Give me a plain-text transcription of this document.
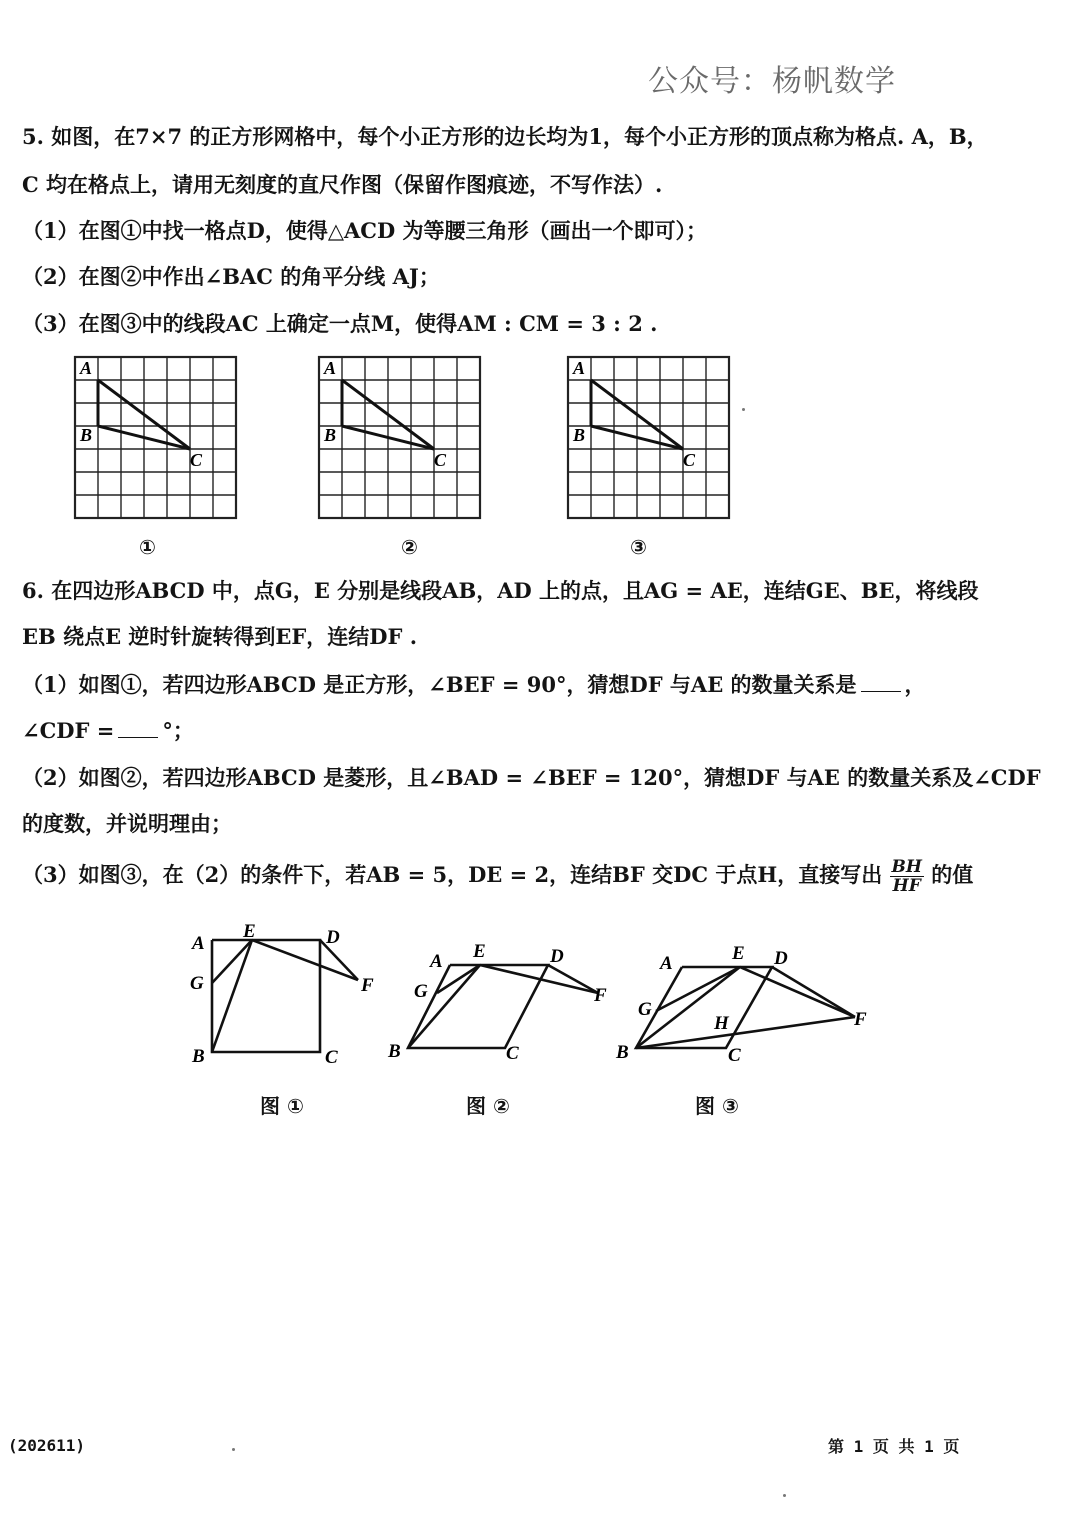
公众号：杨帆数学
5. 如图，在7×7 的正方形网格中，每个小正方形的边长均为1，每个小正方形的顶点称为格点. A，B，
C 均在格点上，请用无刻度的直尺作图（保留作图痕迹，不写作法）.
（1）在图①中找一格点D，使得△ACD 为等腰三角形（画出一个即可）；
（2）在图②中作出∠BAC 的角平分线 AJ；
（3）在图③中的线段AC 上确定一点M，使得AM : CM = 3 : 2 .
A
B
C
A
B
C
A
B
C
①	②	③
6. 在四边形ABCD 中，点G，E 分别是线段AB，AD 上的点，且AG = AE，连结GE、BE，将线段
EB 绕点E 逆时针旋转得到EF，连结DF .
（1）如图①，若四边形ABCD 是正方形，∠BEF = 90°，猜想DF 与AE 的数量关系是 ，
∠CDF = °；
（2）如图②，若四边形ABCD 是菱形，且∠BAD = ∠BEF = 120°，猜想DF 与AE 的数量关系及∠CDF
的度数，并说明理由；
（3）如图③，在（2）的条件下，若AB = 5，DE = 2，连结BF 交DC 于点H，直接写出 $\frac{BH}{HF}$ 的值
A
E	D
G	F
B	C
A E	D
G	F
B	C
A	E D
G
H	F
B	C
图 ①	图 ②	图 ③
(202611)	第 1 页 共 1 页
